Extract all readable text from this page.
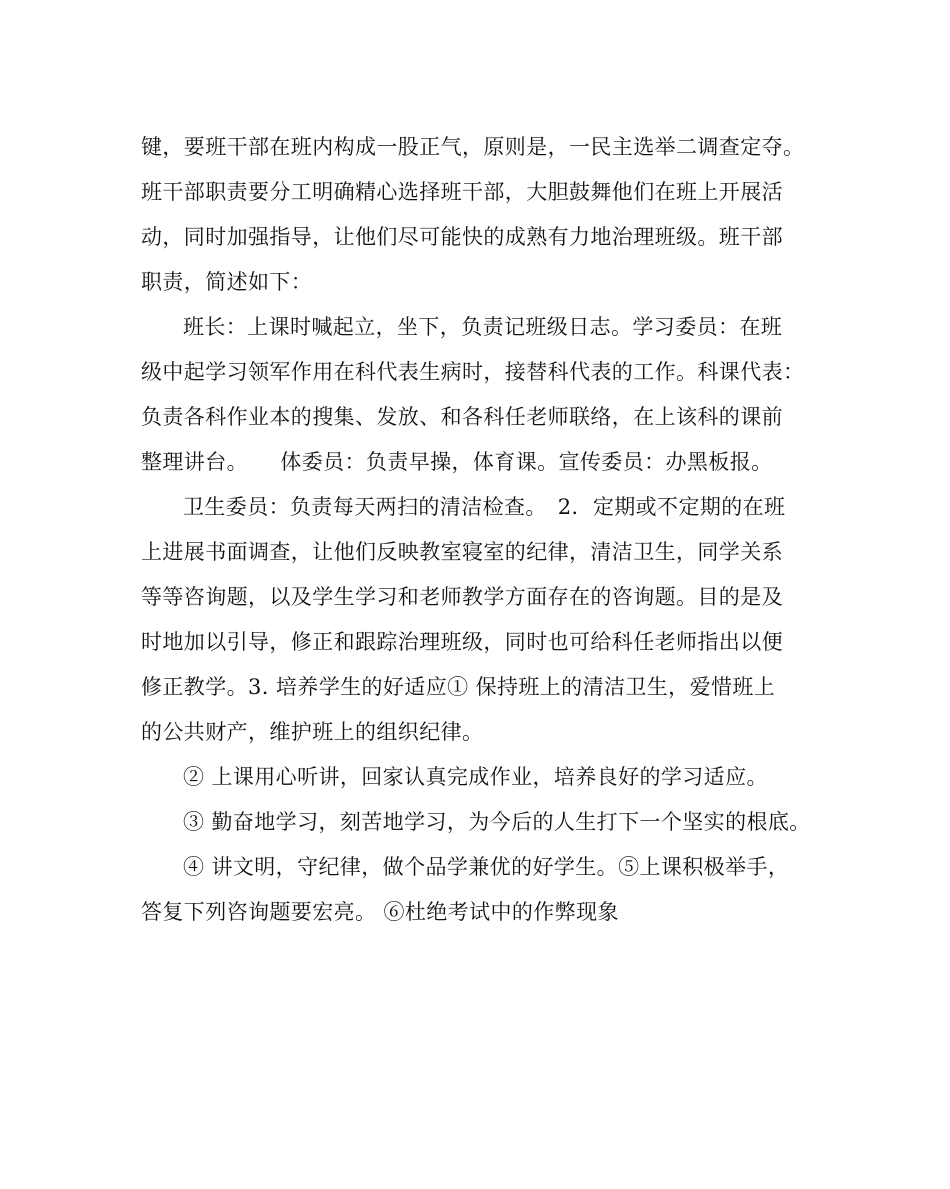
键，要班干部在班内构成一股正气，原则是，一民主选举二调查定夺。
班干部职责要分工明确精心选择班干部，大胆鼓舞他们在班上开展活
动，同时加强指导，让他们尽可能快的成熟有力地治理班级。班干部
职责，简述如下：
班长：上课时喊起立，坐下，负责记班级日志。学习委员：在班
级中起学习领军作用在科代表生病时，接替科代表的工作。科课代表：
负责各科作业本的搜集、发放、和各科任老师联络，在上该科的课前
整理讲台。　　体委员：负责早操，体育课。宣传委员：办黑板报。
卫生委员：负责每天两扫的清洁检查。　2．定期或不定期的在班
上进展书面调查，让他们反映教室寝室的纪律，清洁卫生，同学关系
等等咨询题，以及学生学习和老师教学方面存在的咨询题。目的是及
时地加以引导，修正和跟踪治理班级，同时也可给科任老师指出以便
修正教学。3. 培养学生的好适应① 保持班上的清洁卫生，爱惜班上
的公共财产，维护班上的组织纪律。
② 上课用心听讲，回家认真完成作业，培养良好的学习适应。
③ 勤奋地学习，刻苦地学习，为今后的人生打下一个坚实的根底。
④ 讲文明，守纪律，做个品学兼优的好学生。⑤上课积极举手，
答复下列咨询题要宏亮。 ⑥杜绝考试中的作弊现象
